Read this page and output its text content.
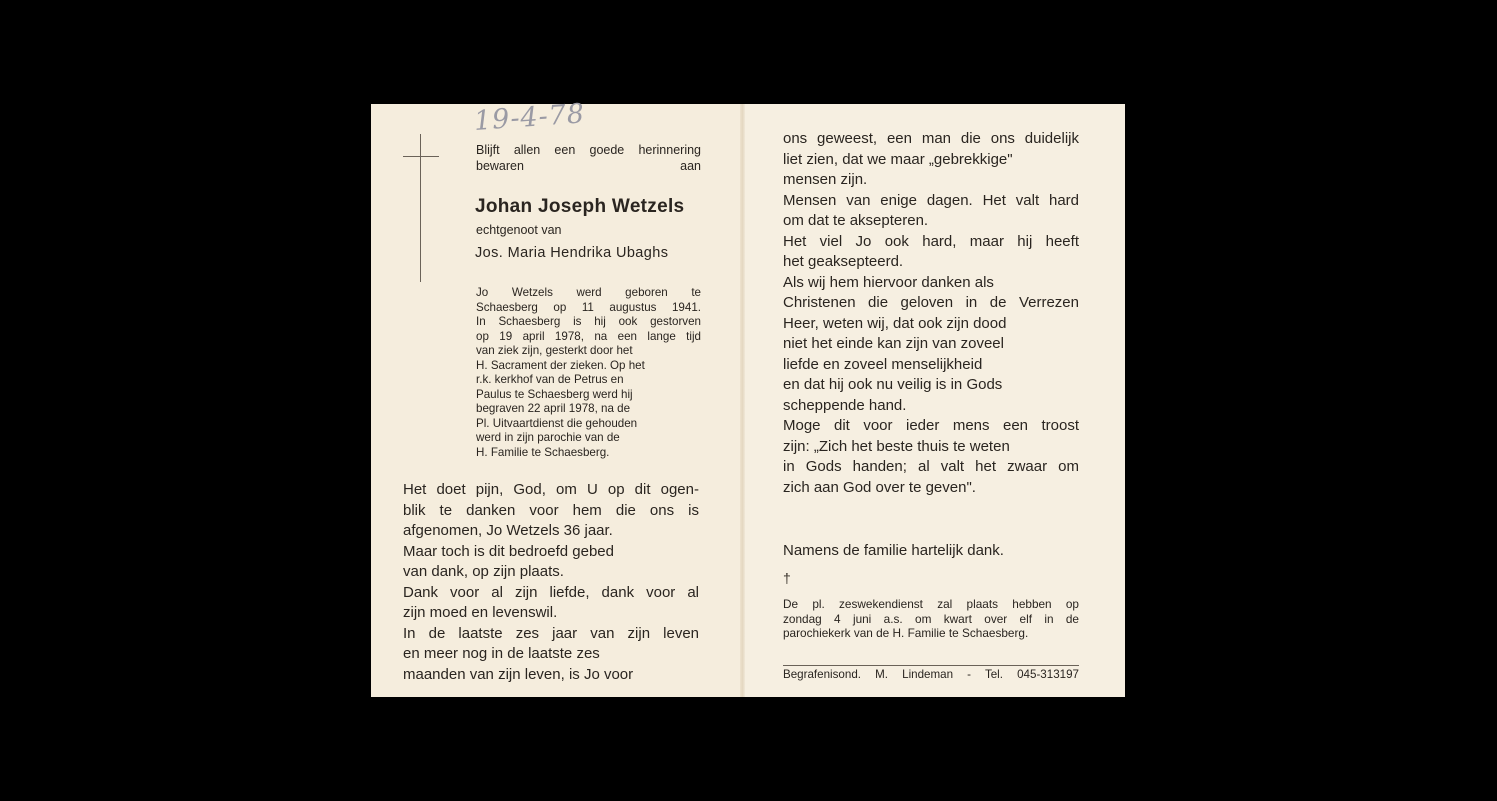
19-4-78
Blijft allen een goede herinnering bewaren aan
Johan Joseph Wetzels
echtgenoot van
Jos. Maria Hendrika Ubaghs
Jo Wetzels werd geboren te
Schaesberg op 11 augustus 1941.
In Schaesberg is hij ook gestorven
op 19 april 1978, na een lange tijd
van ziek zijn, gesterkt door het
H. Sacrament der zieken. Op het
r.k. kerkhof van de Petrus en
Paulus te Schaesberg werd hij
begraven 22 april 1978, na de
Pl. Uitvaartdienst die gehouden
werd in zijn parochie van de
H. Familie te Schaesberg.
Het doet pijn, God, om U op dit ogen-
blik te danken voor hem die ons is
afgenomen, Jo Wetzels 36 jaar.
Maar toch is dit bedroefd gebed
van dank, op zijn plaats.
Dank voor al zijn liefde, dank voor al
zijn moed en levenswil.
In de laatste zes jaar van zijn leven
en meer nog in de laatste zes
maanden van zijn leven, is Jo voor
ons geweest, een man die ons duidelijk
liet zien, dat we maar „gebrekkige"
mensen zijn.
Mensen van enige dagen. Het valt hard
om dat te aksepteren.
Het viel Jo ook hard, maar hij heeft
het geaksepteerd.
Als wij hem hiervoor danken als
Christenen die geloven in de Verrezen
Heer, weten wij, dat ook zijn dood
niet het einde kan zijn van zoveel
liefde en zoveel menselijkheid
en dat hij ook nu veilig is in Gods
scheppende hand.
Moge dit voor ieder mens een troost
zijn: „Zich het beste thuis te weten
in Gods handen; al valt het zwaar om
zich aan God over te geven".
Namens de familie hartelijk dank.
†
De pl. zeswekendienst zal plaats hebben op
zondag 4 juni a.s. om kwart over elf in de
parochiekerk van de H. Familie te Schaesberg.
Begrafenisond. M. Lindeman - Tel. 045-313197
